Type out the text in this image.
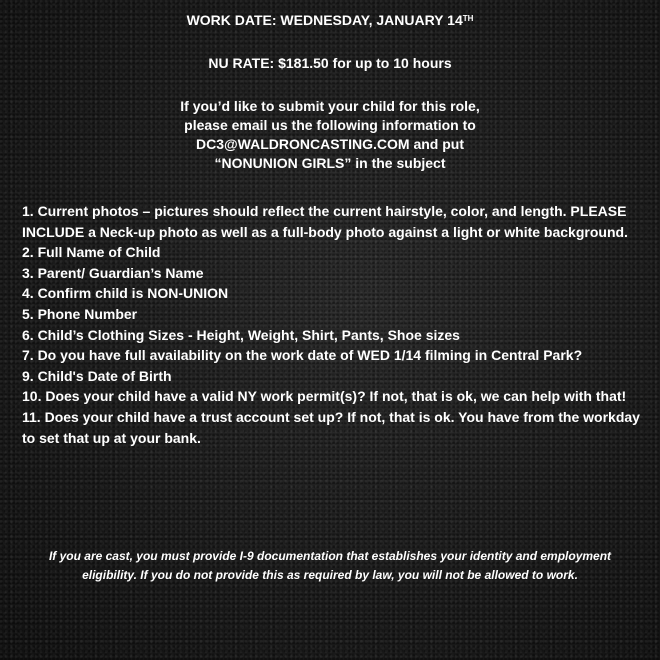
WORK DATE: WEDNESDAY, JANUARY 14TH
NU RATE: $181.50 for up to 10 hours
If you’d like to submit your child for this role,
please email us the following information to
DC3@WALDRONCASTING.COM and put
“NONUNION GIRLS” in the subject

1. Current photos – pictures should reflect the current hairstyle, color, and length. PLEASE INCLUDE a Neck-up photo as well as a full-body photo against a light or white background.

2. Full Name of Child

3. Parent/ Guardian’s Name

4. Confirm child is NON-UNION

5. Phone Number

6. Child’s Clothing Sizes - Height, Weight, Shirt, Pants, Shoe sizes

7. Do you have full availability on the work date of WED 1/14 filming in Central Park?

9. Child's Date of Birth

10. Does your child have a valid NY work permit(s)? If not, that is ok, we can help with that!

11. Does your child have a trust account set up? If not, that is ok. You have from the workday to set that up at your bank.

If you are cast, you must provide I-9 documentation that establishes your identity and employment eligibility. If you do not provide this as required by law, you will not be allowed to work.
